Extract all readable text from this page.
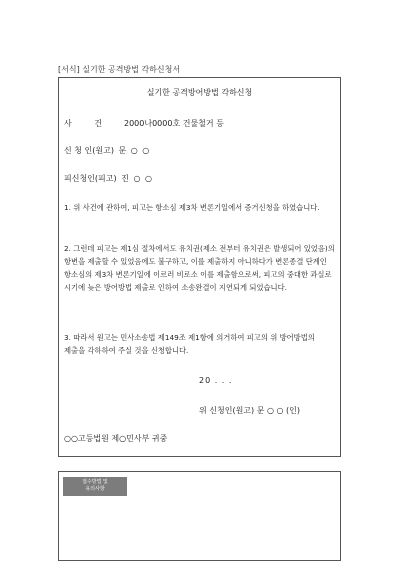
[서식] 실기한 공격방법 각하신청서
실기한 공격방어방법 각하신청
사 건 2000나0000호 건물철거 등
신 청 인(원고) 문 ○ ○
피신청인(피고) 진 ○ ○
1. 위 사건에 관하여, 피고는 항소심 제3차 변론기일에서 증거신청을 하였습니다.
2. 그런데 피고는 제1심 절차에서도 유치권(제소 전부터 유치권은 발생되어 있었음)의 항변을 제출할 수 있었음에도 불구하고, 이를 제출하지 아니하다가 변론종결 단계인 항소심의 제3차 변론기일에 이르러 비로소 이를 제출함으로써, 피고의 중대한 과실로 시기에 늦은 방어방법 제출로 인하여 소송완결이 지연되게 되었습니다.
3. 따라서 원고는 민사소송법 제149조 제1항에 의거하여 피고의 위 방어방법의 제출을 각하하여 주실 것을 신청합니다.
20 . . .
위 신청인(원고) 문 ○ ○ (인)
○○고등법원 제○민사부 귀중
접수방법 및
유의사항
